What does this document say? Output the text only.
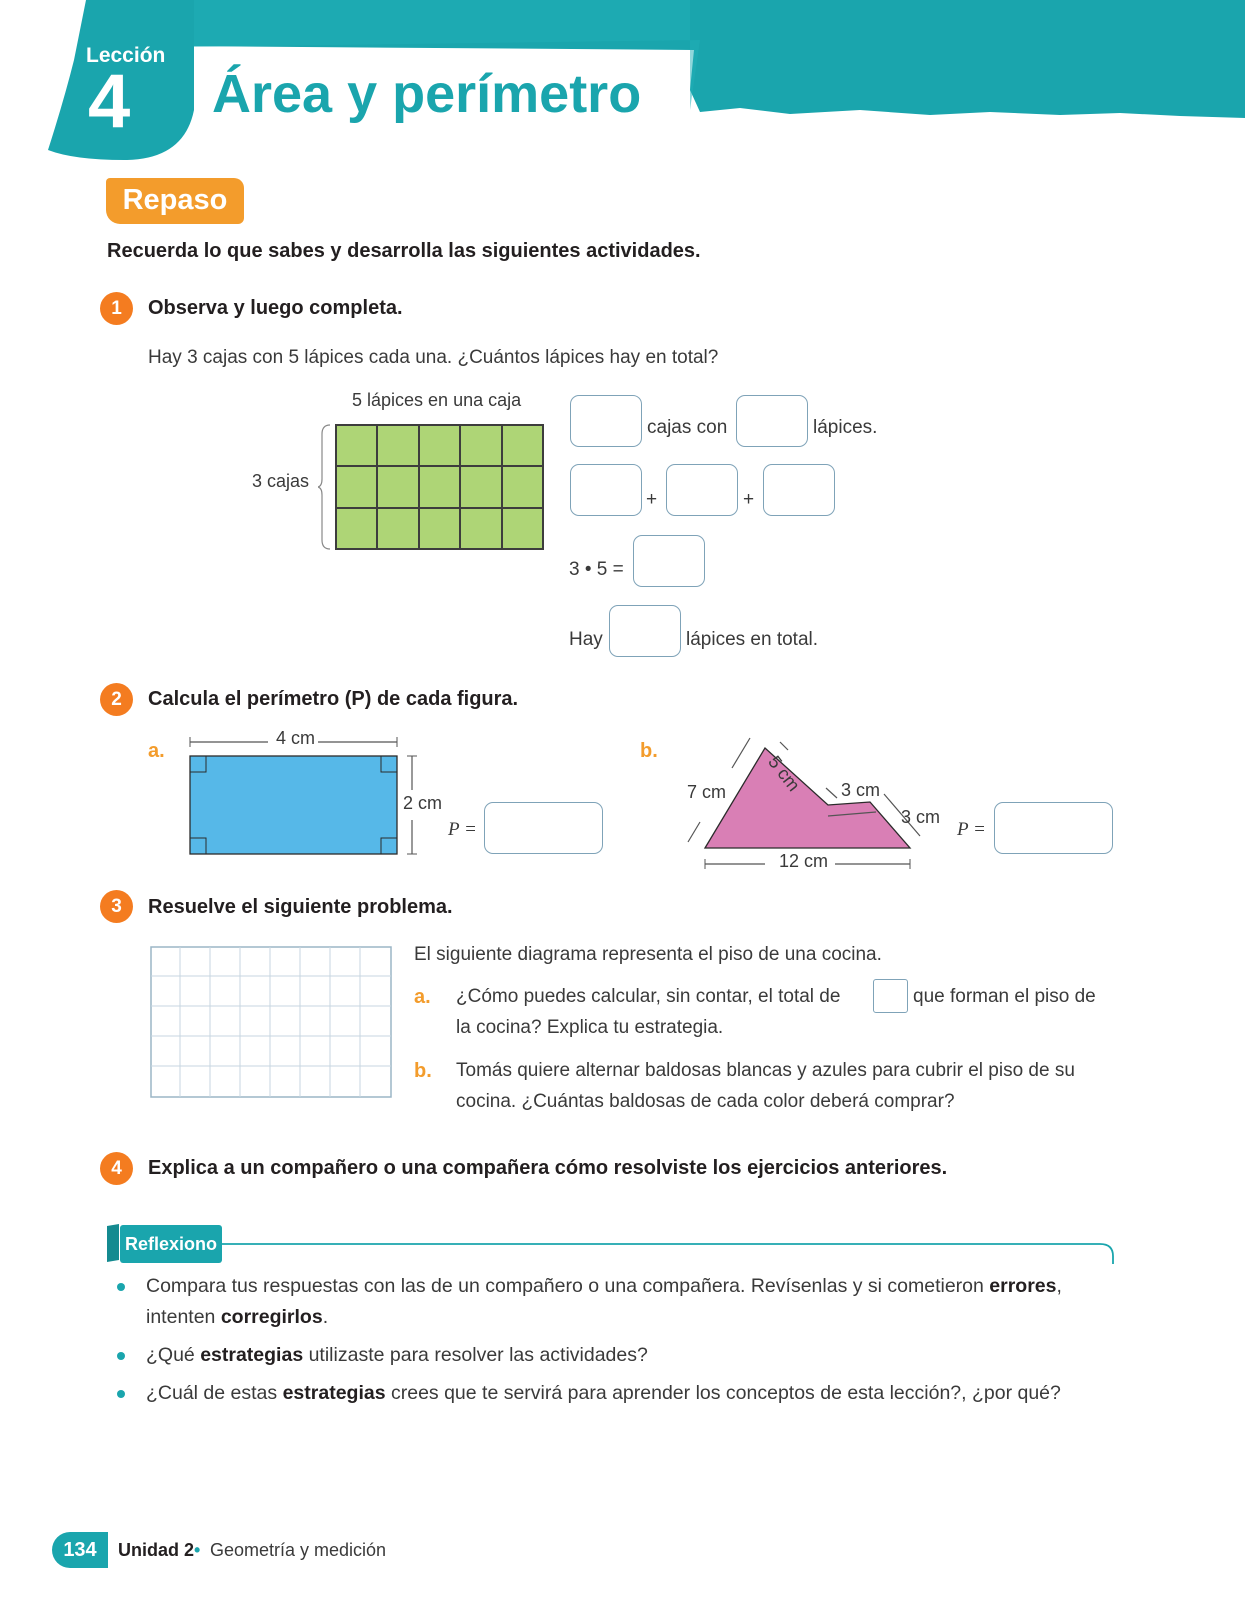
Lección
4 Área y perímetro
Repaso
Recuerda lo que sabes y desarrolla las siguientes actividades.
1	Observa y luego completa.
Hay 3 cajas con 5 lápices cada una. ¿Cuántos lápices hay en total?
5 lápices en una caja
3 cajas
cajas con	lápices.
+	+
3 • 5 =
Hay	lápices en total.
2	Calcula el perímetro (P) de cada figura.
a.
4 cm
2 cm
P =
b.
7 cm 5 cm 3 cm
3 cm
12 cm
P =
3	Resuelve el siguiente problema.
El siguiente diagrama representa el piso de una cocina.
a. ¿Cómo puedes calcular, sin contar, el total de	que forman el piso de
la cocina? Explica tu estrategia.
b. Tomás quiere alternar baldosas blancas y azules para cubrir el piso de su
cocina. ¿Cuántas baldosas de cada color deberá comprar?
4	Explica a un compañero o una compañera cómo resolviste los ejercicios anteriores.
Reflexiono
Compara tus respuestas con las de un compañero o una compañera. Revísenlas y si cometieron errores,
intenten corregirlos.
¿Qué estrategias utilizaste para resolver las actividades?
¿Cuál de estas estrategias crees que te servirá para aprender los conceptos de esta lección?, ¿por qué?
134	Unidad 2 • Geometría y medición
